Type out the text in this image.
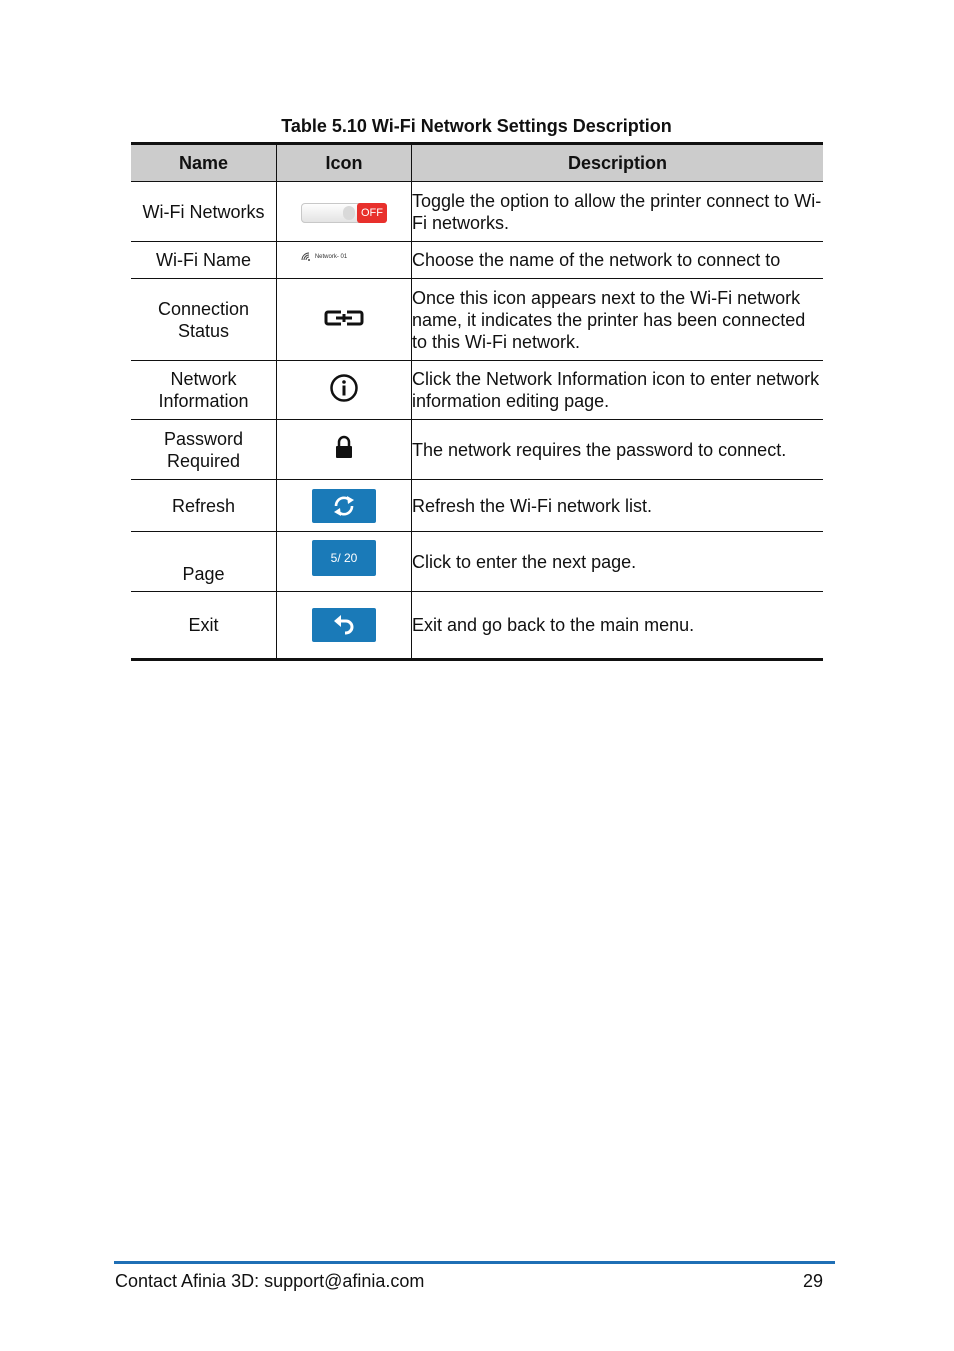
Table 5.10 Wi-Fi Network Settings Description
Name	Icon	Description
Wi-Fi Networks	OFF	Toggle the option to allow the printer connect to Wi-Fi networks.
Wi-Fi Name	Network- 01	Choose the name of the network to connect to
Connection Status		Once this icon appears next to the Wi-Fi network name, it indicates the printer has been connected to this Wi-Fi network.
Network Information		Click the Network Information icon to enter network information editing page.
Password Required		The network requires the password to connect.
Refresh		Refresh the Wi-Fi network list.
Page	5/ 20	Click to enter the next page.
Exit		Exit and go back to the main menu.
Contact Afinia 3D: support@afinia.com	29
